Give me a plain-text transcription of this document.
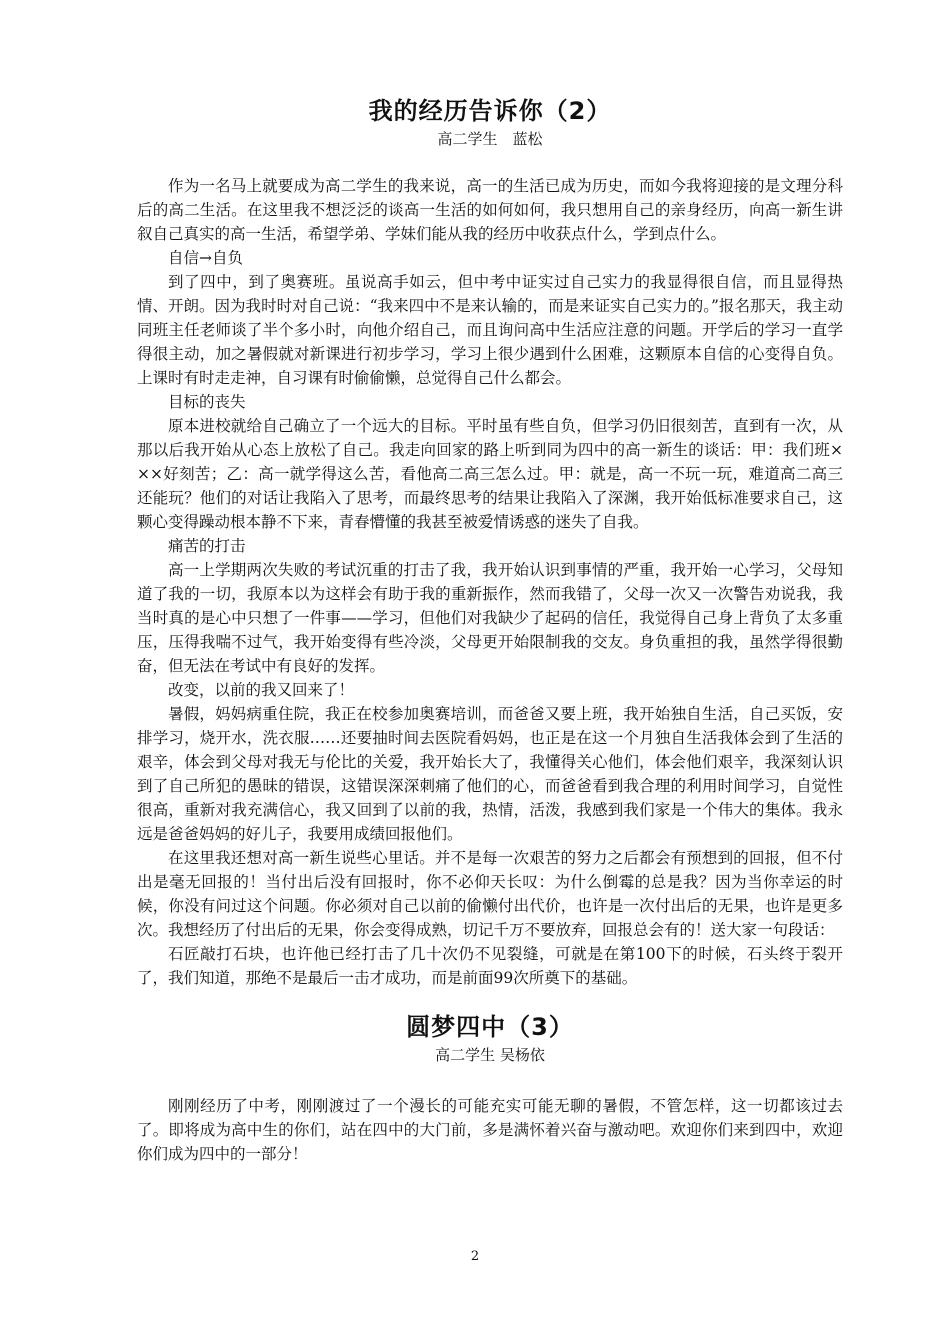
我的经历告诉你（2）

高二学生　蓝松

作为一名马上就要成为高二学生的我来说，高一的生活已成为历史，而如今我将迎接的是文理分科后的高二生活。在这里我不想泛泛的谈高一生活的如何如何，我只想用自己的亲身经历，向高一新生讲叙自己真实的高一生活，希望学弟、学妹们能从我的经历中收获点什么，学到点什么。

自信→自负

到了四中，到了奥赛班。虽说高手如云，但中考中证实过自己实力的我显得很自信，而且显得热情、开朗。因为我时时对自己说：“我来四中不是来认输的，而是来证实自己实力的。”报名那天，我主动同班主任老师谈了半个多小时，向他介绍自己，而且询问高中生活应注意的问题。开学后的学习一直学得很主动，加之暑假就对新课进行初步学习，学习上很少遇到什么困难，这颗原本自信的心变得自负。上课时有时走走神，自习课有时偷偷懒，总觉得自己什么都会。

目标的丧失

原本进校就给自己确立了一个远大的目标。平时虽有些自负，但学习仍旧很刻苦，直到有一次，从那以后我开始从心态上放松了自己。我走向回家的路上听到同为四中的高一新生的谈话：甲：我们班×××好刻苦；乙：高一就学得这么苦，看他高二高三怎么过。甲：就是，高一不玩一玩，难道高二高三还能玩？他们的对话让我陷入了思考，而最终思考的结果让我陷入了深渊，我开始低标准要求自己，这颗心变得躁动根本静不下来，青春懵懂的我甚至被爱情诱惑的迷失了自我。

痛苦的打击

高一上学期两次失败的考试沉重的打击了我，我开始认识到事情的严重，我开始一心学习，父母知道了我的一切，我原本以为这样会有助于我的重新振作，然而我错了，父母一次又一次警告劝说我，我当时真的是心中只想了一件事——学习，但他们对我缺少了起码的信任，我觉得自己身上背负了太多重压，压得我喘不过气，我开始变得有些冷淡，父母更开始限制我的交友。身负重担的我，虽然学得很勤奋，但无法在考试中有良好的发挥。

改变，以前的我又回来了！

暑假，妈妈病重住院，我正在校参加奥赛培训，而爸爸又要上班，我开始独自生活，自己买饭，安排学习，烧开水，洗衣服……还要抽时间去医院看妈妈，也正是在这一个月独自生活我体会到了生活的艰辛，体会到父母对我无与伦比的关爱，我开始长大了，我懂得关心他们，体会他们艰辛，我深刻认识到了自己所犯的愚昧的错误，这错误深深刺痛了他们的心，而爸爸看到我合理的利用时间学习，自觉性很高，重新对我充满信心，我又回到了以前的我，热情，活泼，我感到我们家是一个伟大的集体。我永远是爸爸妈妈的好儿子，我要用成绩回报他们。

在这里我还想对高一新生说些心里话。并不是每一次艰苦的努力之后都会有预想到的回报，但不付出是毫无回报的！当付出后没有回报时，你不必仰天长叹：为什么倒霉的总是我？因为当你幸运的时候，你没有问过这个问题。你必须对自己以前的偷懒付出代价，也许是一次付出后的无果，也许是更多次。我想经历了付出后的无果，你会变得成熟，切记千万不要放弃，回报总会有的！送大家一句段话：

石匠敲打石块，也许他已经打击了几十次仍不见裂缝，可就是在第100下的时候，石头终于裂开了，我们知道，那绝不是最后一击才成功，而是前面99次所奠下的基础。

圆梦四中（3）

高二学生 吴杨依

刚刚经历了中考，刚刚渡过了一个漫长的可能充实可能无聊的暑假，不管怎样，这一切都该过去了。即将成为高中生的你们，站在四中的大门前，多是满怀着兴奋与激动吧。欢迎你们来到四中，欢迎你们成为四中的一部分！

2
